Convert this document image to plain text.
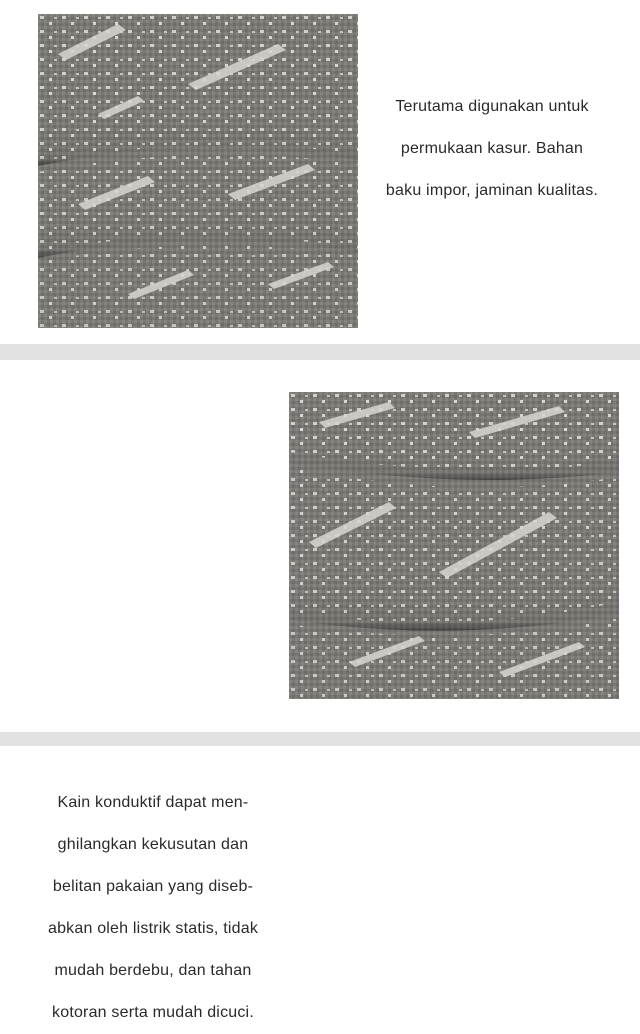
Terutama digunakan untuk
permukaan kasur. Bahan
baku impor, jaminan kualitas.
Kain konduktif dapat men-
ghilangkan kekusutan dan
belitan pakaian yang diseb-
abkan oleh listrik statis, tidak
mudah berdebu, dan tahan
kotoran serta mudah dicuci.
